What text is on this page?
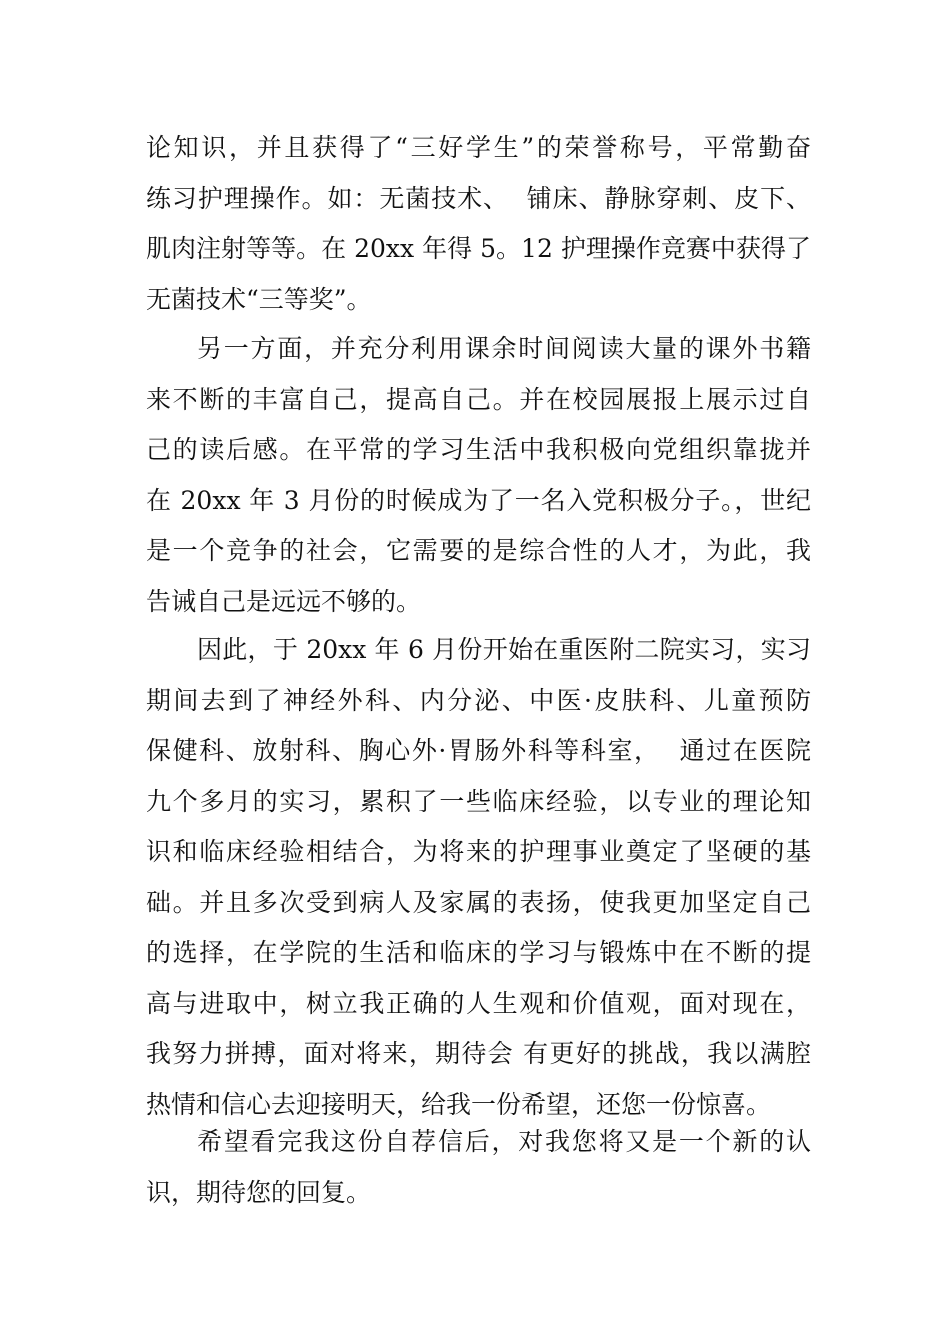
论知识，并且获得了“三好学生”的荣誉称号，平常勤奋
练习护理操作。如：无菌技术、  铺床、静脉穿刺、皮下、
肌肉注射等等。在 20xx 年得 5。12 护理操作竞赛中获得了
无菌技术“三等奖”。
另一方面，并充分利用课余时间阅读大量的课外书籍
来不断的丰富自己，提高自己。并在校园展报上展示过自
己的读后感。在平常的学习生活中我积极向党组织靠拢并
在 20xx 年 3 月份的时候成为了一名入党积极分子。，世纪
是一个竞争的社会，它需要的是综合性的人才，为此，我
告诫自己是远远不够的。
因此，于 20xx 年 6 月份开始在重医附二院实习，实习
期间去到了神经外科、内分泌、中医·皮肤科、儿童预防
保健科、放射科、胸心外·胃肠外科等科室，  通过在医院
九个多月的实习，累积了一些临床经验，以专业的理论知
识和临床经验相结合，为将来的护理事业奠定了坚硬的基
础。并且多次受到病人及家属的表扬，使我更加坚定自己
的选择，在学院的生活和临床的学习与锻炼中在不断的提
高与进取中，树立我正确的人生观和价值观，面对现在，
我努力拼搏，面对将来，期待会 有更好的挑战，我以满腔
热情和信心去迎接明天，给我一份希望，还您一份惊喜。
希望看完我这份自荐信后，对我您将又是一个新的认
识，期待您的回复。
